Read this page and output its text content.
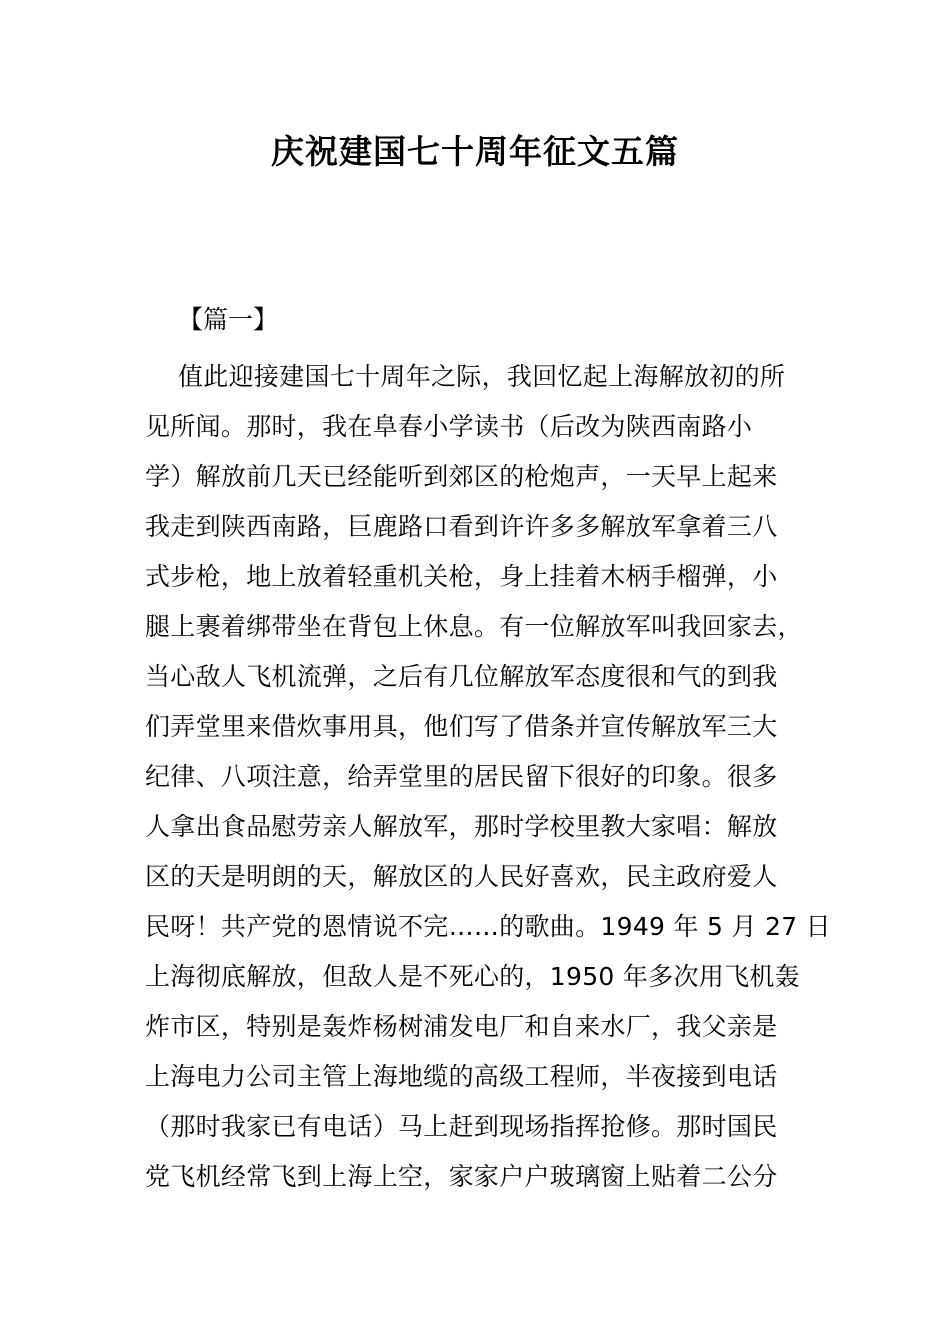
庆祝建国七十周年征文五篇
【篇一】
值此迎接建国七十周年之际，我回忆起上海解放初的所
见所闻。那时，我在阜春小学读书（后改为陕西南路小
学）解放前几天已经能听到郊区的枪炮声，一天早上起来
我走到陕西南路，巨鹿路口看到许许多多解放军拿着三八
式步枪，地上放着轻重机关枪，身上挂着木柄手榴弹，小
腿上裹着绑带坐在背包上休息。有一位解放军叫我回家去，
当心敌人飞机流弹，之后有几位解放军态度很和气的到我
们弄堂里来借炊事用具，他们写了借条并宣传解放军三大
纪律、八项注意，给弄堂里的居民留下很好的印象。很多
人拿出食品慰劳亲人解放军，那时学校里教大家唱：解放
区的天是明朗的天，解放区的人民好喜欢，民主政府爱人
民呀！共产党的恩情说不完……的歌曲。1949 年 5 月 27 日
上海彻底解放，但敌人是不死心的，1950 年多次用飞机轰
炸市区，特别是轰炸杨树浦发电厂和自来水厂，我父亲是
上海电力公司主管上海地缆的高级工程师，半夜接到电话
（那时我家已有电话）马上赶到现场指挥抢修。那时国民
党飞机经常飞到上海上空，家家户户玻璃窗上贴着二公分
